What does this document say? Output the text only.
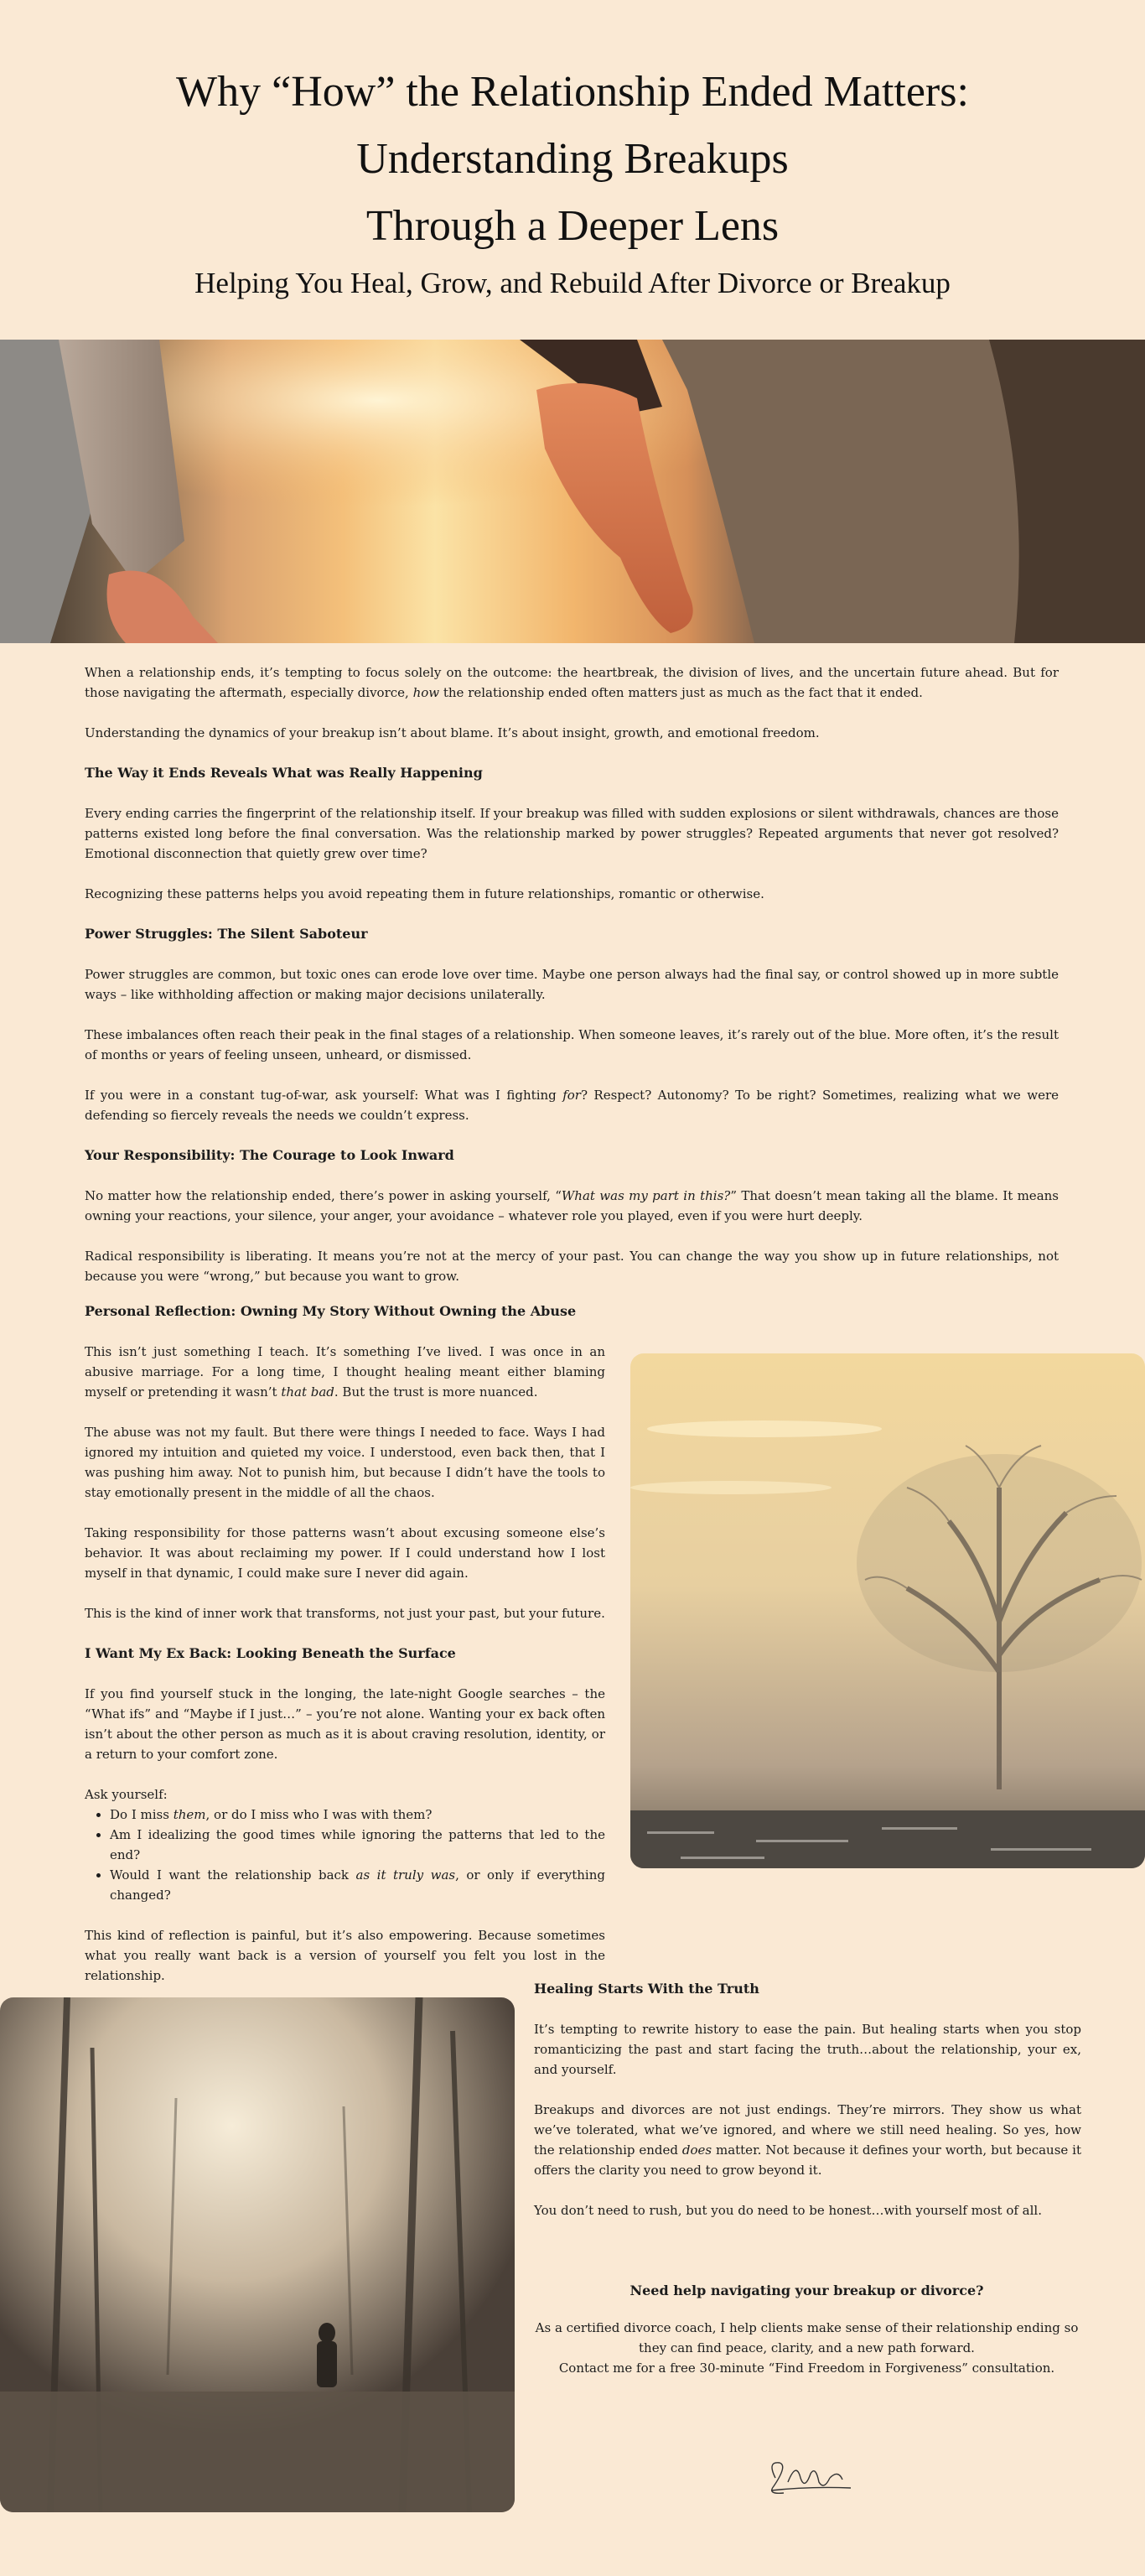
Why “How” the Relationship Ended Matters:
Understanding Breakups
Through a Deeper Lens
Helping You Heal, Grow, and Rebuild After Divorce or Breakup

When a relationship ends, it’s tempting to focus solely on the outcome: the heartbreak, the division of lives, and the uncertain future ahead. But for those navigating the aftermath, especially divorce, how the relationship ended often matters just as much as the fact that it ended.

Understanding the dynamics of your breakup isn’t about blame. It’s about insight, growth, and emotional freedom.

The Way it Ends Reveals What was Really Happening

Every ending carries the fingerprint of the relationship itself. If your breakup was filled with sudden explosions or silent withdrawals, chances are those patterns existed long before the final conversation. Was the relationship marked by power struggles? Repeated arguments that never got resolved? Emotional disconnection that quietly grew over time?

Recognizing these patterns helps you avoid repeating them in future relationships, romantic or otherwise.

Power Struggles: The Silent Saboteur

Power struggles are common, but toxic ones can erode love over time. Maybe one person always had the final say, or control showed up in more subtle ways – like withholding affection or making major decisions unilaterally.

These imbalances often reach their peak in the final stages of a relationship. When someone leaves, it’s rarely out of the blue. More often, it’s the result of months or years of feeling unseen, unheard, or dismissed.

If you were in a constant tug-of-war, ask yourself: What was I fighting for? Respect? Autonomy? To be right? Sometimes, realizing what we were defending so fiercely reveals the needs we couldn’t express.

Your Responsibility: The Courage to Look Inward

No matter how the relationship ended, there’s power in asking yourself, “What was my part in this?” That doesn’t mean taking all the blame. It means owning your reactions, your silence, your anger, your avoidance – whatever role you played, even if you were hurt deeply.

Radical responsibility is liberating. It means you’re not at the mercy of your past. You can change the way you show up in future relationships, not because you were “wrong,” but because you want to grow.

Personal Reflection: Owning My Story Without Owning the Abuse

This isn’t just something I teach. It’s something I’ve lived. I was once in an abusive marriage. For a long time, I thought healing meant either blaming myself or pretending it wasn’t that bad. But the trust is more nuanced.

The abuse was not my fault. But there were things I needed to face. Ways I had ignored my intuition and quieted my voice. I understood, even back then, that I was pushing him away. Not to punish him, but because I didn’t have the tools to stay emotionally present in the middle of all the chaos.

Taking responsibility for those patterns wasn’t about excusing someone else’s behavior. It was about reclaiming my power. If I could understand how I lost myself in that dynamic, I could make sure I never did again.

This is the kind of inner work that transforms, not just your past, but your future.

I Want My Ex Back: Looking Beneath the Surface

If you find yourself stuck in the longing, the late-night Google searches – the “What ifs” and “Maybe if I just…” – you’re not alone. Wanting your ex back often isn’t about the other person as much as it is about craving resolution, identity, or a return to your comfort zone.

Ask yourself:

• Do I miss them, or do I miss who I was with them?
• Am I idealizing the good times while ignoring the patterns that led to the end?
• Would I want the relationship back as it truly was, or only if everything changed?

This kind of reflection is painful, but it’s also empowering. Because sometimes what you really want back is a version of yourself you felt you lost in the relationship.

Healing Starts With the Truth

It’s tempting to rewrite history to ease the pain. But healing starts when you stop romanticizing the past and start facing the truth…about the relationship, your ex, and yourself.

Breakups and divorces are not just endings. They’re mirrors. They show us what we’ve tolerated, what we’ve ignored, and where we still need healing. So yes, how the relationship ended does matter. Not because it defines your worth, but because it offers the clarity you need to grow beyond it.

You don’t need to rush, but you do need to be honest…with yourself most of all.

Need help navigating your breakup or divorce?

As a certified divorce coach, I help clients make sense of their relationship ending so they can find peace, clarity, and a new path forward.

Contact me for a free 30-minute “Find Freedom in Forgiveness” consultation.
